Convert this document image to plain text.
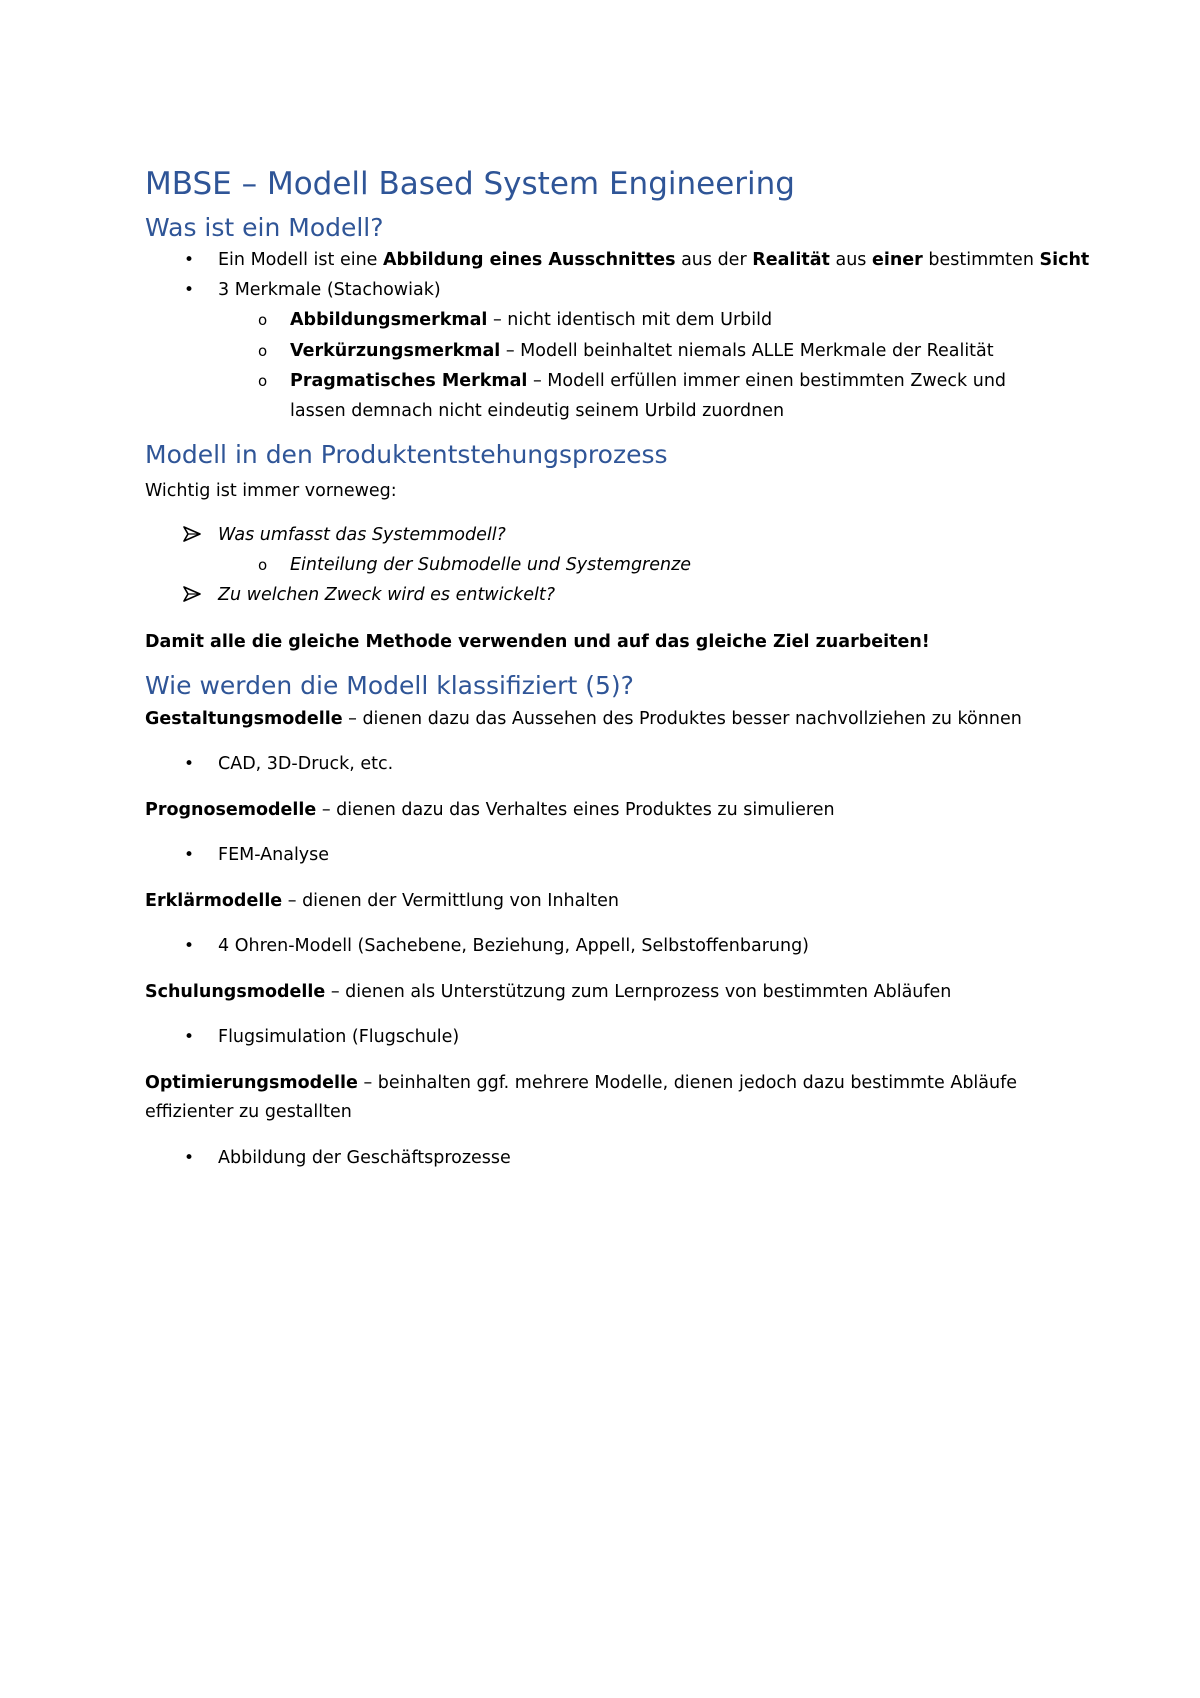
MBSE – Modell Based System Engineering
Was ist ein Modell?
• Ein Modell ist eine Abbildung eines Ausschnittes aus der Realität aus einer bestimmten Sicht
• 3 Merkmale (Stachowiak)
o Abbildungsmerkmal – nicht identisch mit dem Urbild
o Verkürzungsmerkmal – Modell beinhaltet niemals ALLE Merkmale der Realität
o Pragmatisches Merkmal – Modell erfüllen immer einen bestimmten Zweck und
lassen demnach nicht eindeutig seinem Urbild zuordnen
Modell in den Produktentstehungsprozess
Wichtig ist immer vorneweg:
Was umfasst das Systemmodell?
o Einteilung der Submodelle und Systemgrenze
Zu welchen Zweck wird es entwickelt?
Damit alle die gleiche Methode verwenden und auf das gleiche Ziel zuarbeiten!
Wie werden die Modell klassifiziert (5)?
Gestaltungsmodelle – dienen dazu das Aussehen des Produktes besser nachvollziehen zu können
• CAD, 3D-Druck, etc.
Prognosemodelle – dienen dazu das Verhaltes eines Produktes zu simulieren
• FEM-Analyse
Erklärmodelle – dienen der Vermittlung von Inhalten
• 4 Ohren-Modell (Sachebene, Beziehung, Appell, Selbstoffenbarung)
Schulungsmodelle – dienen als Unterstützung zum Lernprozess von bestimmten Abläufen
• Flugsimulation (Flugschule)
Optimierungsmodelle – beinhalten ggf. mehrere Modelle, dienen jedoch dazu bestimmte Abläufe
effizienter zu gestallten
• Abbildung der Geschäftsprozesse
